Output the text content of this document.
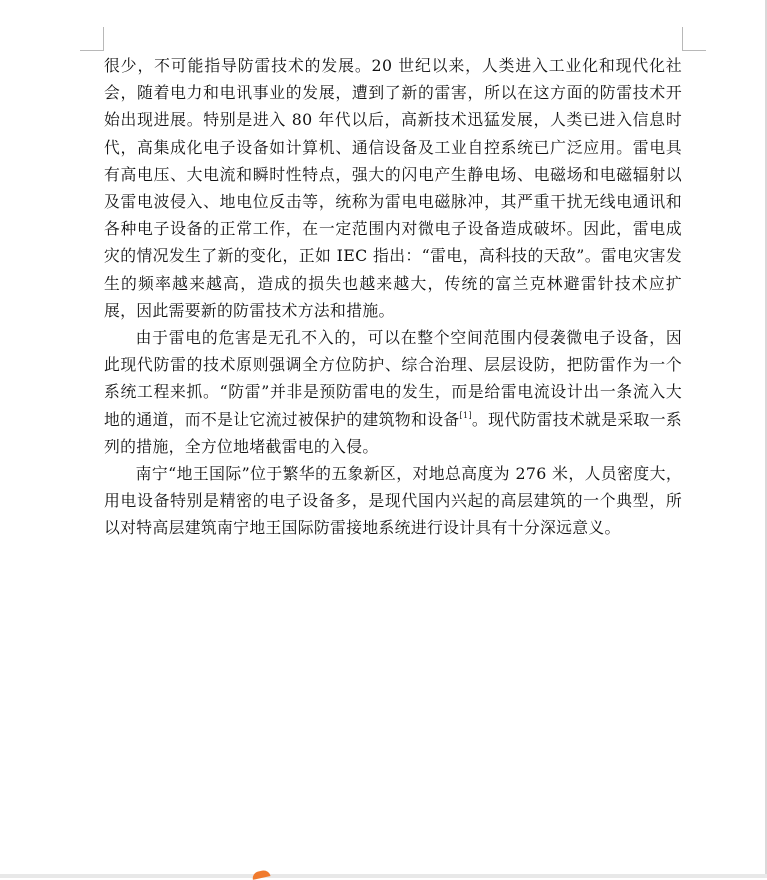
很少，不可能指导防雷技术的发展。20 世纪以来，人类进入工业化和现代化社会，随着电力和电讯事业的发展，遭到了新的雷害，所以在这方面的防雷技术开始出现进展。特别是进入 80 年代以后，高新技术迅猛发展，人类已进入信息时代，高集成化电子设备如计算机、通信设备及工业自控系统已广泛应用。雷电具有高电压、大电流和瞬时性特点，强大的闪电产生静电场、电磁场和电磁辐射以及雷电波侵入、地电位反击等，统称为雷电电磁脉冲，其严重干扰无线电通讯和各种电子设备的正常工作，在一定范围内对微电子设备造成破坏。因此，雷电成灾的情况发生了新的变化，正如 IEC 指出：“雷电，高科技的天敌”。雷电灾害发生的频率越来越高，造成的损失也越来越大，传统的富兰克林避雷针技术应扩展，因此需要新的防雷技术方法和措施。

由于雷电的危害是无孔不入的，可以在整个空间范围内侵袭微电子设备，因此现代防雷的技术原则强调全方位防护、综合治理、层层设防，把防雷作为一个系统工程来抓。“防雷”并非是预防雷电的发生，而是给雷电流设计出一条流入大地的通道，而不是让它流过被保护的建筑物和设备[1]。现代防雷技术就是采取一系列的措施，全方位地堵截雷电的入侵。

南宁“地王国际”位于繁华的五象新区，对地总高度为 276 米，人员密度大，用电设备特别是精密的电子设备多，是现代国内兴起的高层建筑的一个典型，所以对特高层建筑南宁地王国际防雷接地系统进行设计具有十分深远意义。
